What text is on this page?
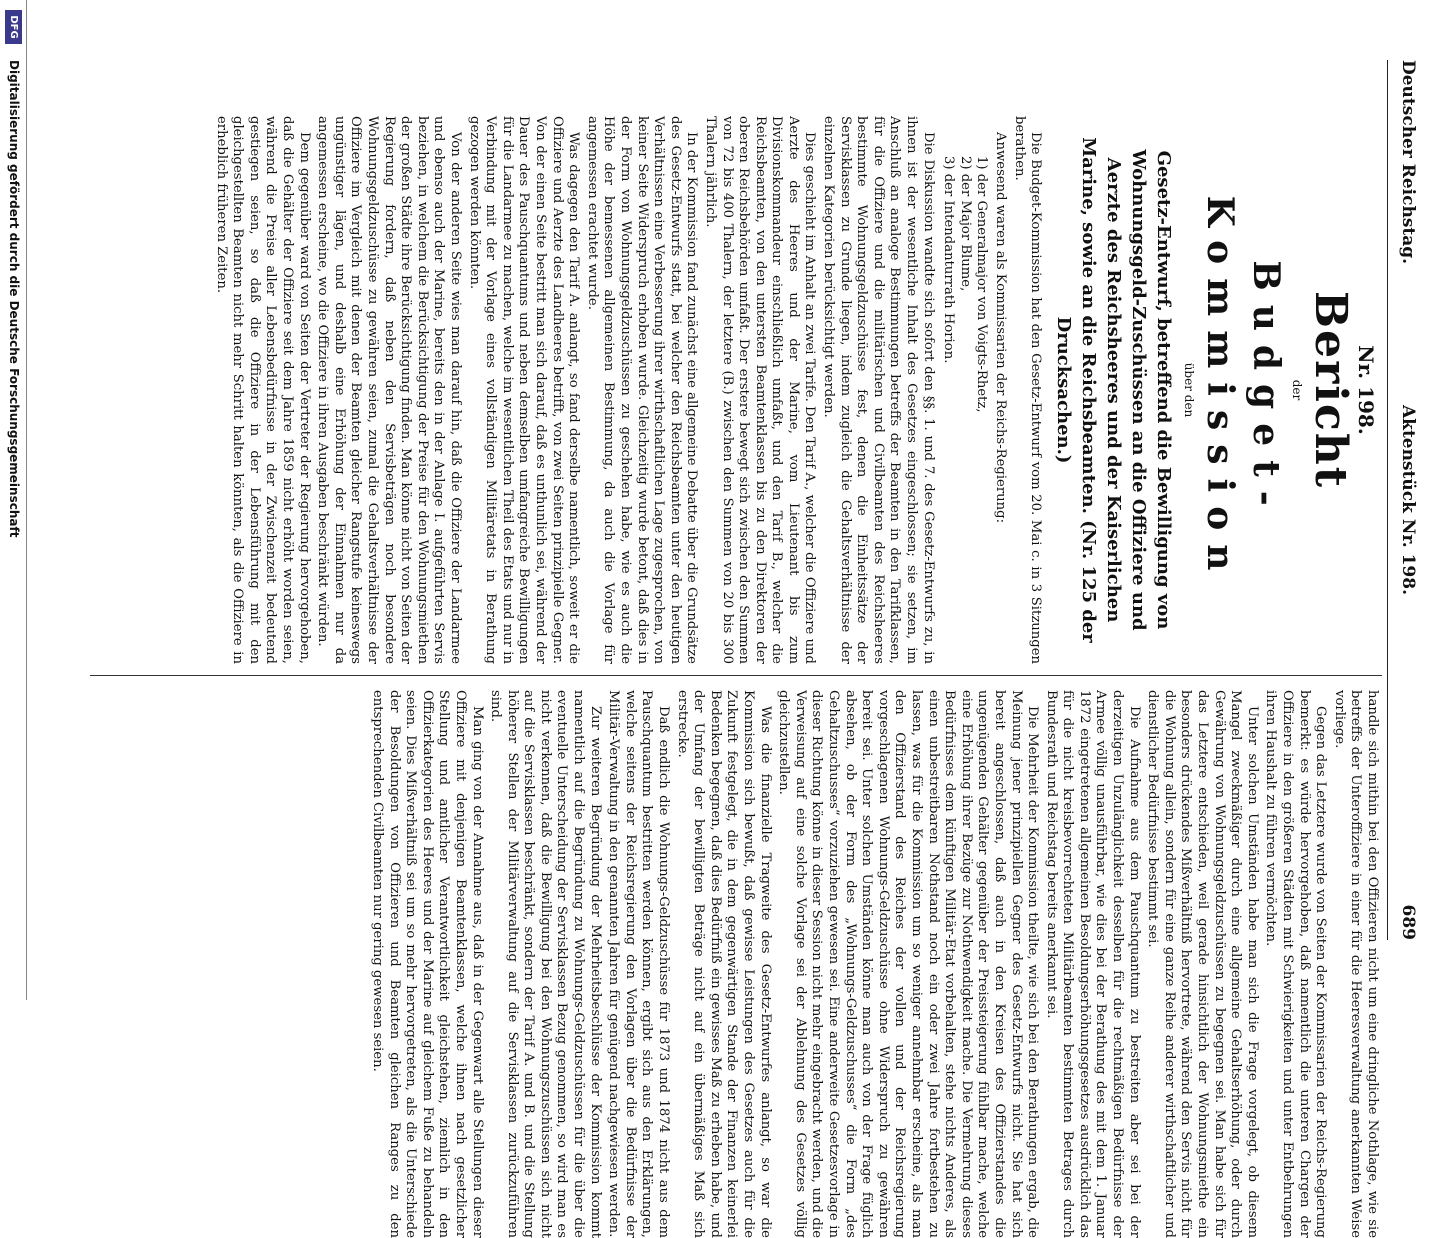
Deutscher Reichstag.
Aktenstück Nr. 198.
689
Nr. 198.
Bericht
der
Budget-Kommission
über den
Gesetz-Entwurf, betreffend die Bewilligung von Wohnungsgeld-Zuschüssen an die Offiziere und Aerzte des Reichsheeres und der Kaiserlichen Marine, sowie an die Reichsbeamten. (Nr. 125 der Drucksachen.)

Die Budget-Kommission hat den Gesetz-Entwurf vom 20. Mai c. in 3 Sitzungen berathen.

Anwesend waren als Kommissarien der Reichs-Regierung:

1) der Generalmajor von Voigts-Rhetz,
2) der Major Blume,
3) der Intendanturrath Horion.

Die Diskussion wandte sich sofort den §§. 1. und 7. des Gesetz-Entwurfs zu, in ihnen ist der wesentliche Inhalt des Gesetzes eingeschlossen; sie setzen, im Anschluß an analoge Bestimmungen betreffs der Beamten in den Tarifklassen, für die Offiziere und die militärischen und Civilbeamten des Reichsheeres bestimmte Wohnungsgeldzuschüsse fest, denen die Einheitssätze der Servisklassen zu Grunde liegen, indem zugleich die Gehaltsverhältnisse der einzelnen Kategorien berücksichtigt werden.

Dies geschieht im Anhalt an zwei Tarife. Den Tarif A., welcher die Offiziere und Aerzte des Heeres und der Marine, vom Lieutenant bis zum Divisionskommandeur einschließlich umfaßt, und den Tarif B., welcher die Reichsbeamten, von den untersten Beamtenklassen bis zu den Direktoren der oberen Reichsbehörden umfaßt. Der erstere bewegt sich zwischen den Summen von 72 bis 400 Thalern, der letztere (B.) zwischen den Summen von 20 bis 300 Thalern jährlich.

In der Kommission fand zunächst eine allgemeine Debatte über die Grundsätze des Gesetz-Entwurfs statt, bei welcher den Reichsbeamten unter den heutigen Verhältnissen eine Verbesserung ihrer wirthschaftlichen Lage zugesprochen, von keiner Seite Widerspruch erhoben wurde. Gleichzeitig wurde betont, daß dies in der Form von Wohnungsgeldzuschüssen zu geschehen habe, wie es auch die Höhe der bemessenen allgemeinen Bestimmung, da auch die Vorlage für angemessen erachtet wurde.

Was dagegen den Tarif A. anlangt, so fand derselbe namentlich, soweit er die Offiziere und Aerzte des Landheeres betrifft, von zwei Seiten prinzipielle Gegner. Von der einen Seite bestritt man sich darauf, daß es unthunlich sei, während der Dauer des Pauschquantums und neben demselben umfangreiche Bewilligungen für die Landarmee zu machen, welche im wesentlichen Theil des Etats und nur in Verbindung mit der Vorlage eines vollständigen Militäretats in Berathung gezogen werden könnten.

Von der anderen Seite wies man darauf hin, daß die Offiziere der Landarmee und ebenso auch der Marine, bereits den in der Anlage I. aufgeführten Servis beziehen, in welchem die Berücksichtigung der Preise für den Wohnungsmiethen der großen Städte ihre Berücksichtigung finden. Man könne nicht von Seiten der Regierung fordern, daß neben den Servisbeträgen noch besondere Wohnungsgeldzuschüsse zu gewähren seien, zumal die Gehaltsverhältnisse der Offiziere im Vergleich mit denen der Beamten gleicher Rangstufe keineswegs ungünstiger lägen, und deshalb eine Erhöhung der Einnahmen nur da angemessen erscheine, wo die Offiziere in ihren Ausgaben beschränkt würden.

Dem gegenüber ward von Seiten der Vertreter der Regierung hervorgehoben, daß die Gehälter der Offiziere seit dem Jahre 1859 nicht erhöht worden seien, während die Preise aller Lebensbedürfnisse in der Zwischenzeit bedeutend gestiegen seien, so daß die Offiziere in der Lebensführung mit den gleichgestellten Beamten nicht mehr Schritt halten könnten, als die Offiziere in erheblich früheren Zeiten.

handle sich mithin bei den Offizieren nicht um eine dringliche Nothlage, wie sie betreffs der Unteroffiziere in einer für die Heeresverwaltung anerkannten Weise vorliege.

Gegen das Letztere wurde von Seiten der Kommissarien der Reichs-Regierung bemerkt: es würde hervorgehoben, daß namentlich die unteren Chargen der Offiziere in den größeren Städten mit Schwierigkeiten und unter Entbehrungen ihren Haushalt zu führen vermöchten.

Unter solchen Umständen habe man sich die Frage vorgelegt, ob diesem Mangel zweckmäßiger durch eine allgemeine Gehaltserhöhung, oder durch Gewährung von Wohnungsgeldzuschüssen zu begegnen sei. Man habe sich für das Letztere entschieden, weil gerade hinsichtlich der Wohnungsmiethe ein besonders drückendes Mißverhältniß hervortrete, während den Servis nicht für die Wohnung allein, sondern für eine ganze Reihe anderer wirthschaftlicher und dienstlicher Bedürfnisse bestimmt sei.

Die Aufnahme aus dem Pauschquantum zu bestreiten aber sei bei der derzeitigen Unzulänglichkeit desselben für die rechtmäßigen Bedürfnisse der Armee völlig unausführbar, wie dies bei der Berathung des mit dem 1. Januar 1872 eingetretenen allgemeinen Besoldungserhöhungsgesetzes ausdrücklich das für die nicht kreisbevorrechteten Militärbeamten bestimmten Betrages durch Bundesrath und Reichstag bereits anerkannt sei.

Die Mehrheit der Kommission theilte, wie sich bei den Berathungen ergab, die Meinung jener prinzipiellen Gegner des Gesetz-Entwurfs nicht. Sie hat sich bereit angeschlossen, daß auch in den Kreisen des Offizierstandes die ungenügenden Gehälter gegenüber der Preissteigerung fühlbar mache, welche eine Erhöhung ihrer Bezüge zur Nothwendigkeit mache. Die Vermehrung dieses Bedürfnisses dem künftigen Militär-Etat vorbehalten, stehe nichts Anderes, als einen unbestreitbaren Nothstand noch ein oder zwei Jahre fortbestehen zu lassen, was für die Kommission um so weniger annehmbar erscheine, als man den Offizierstand des Reiches der vollen und der Reichsregierung vorgeschlagenen Wohnungs-Geldzuschüsse ohne Widerspruch zu gewähren bereit sei. Unter solchen Umständen könne man auch von der Frage füglich absehen, ob der Form des „Wohnungs-Geldzuschusses“ die Form „des Gehaltzuschusses“ vorzuziehen gewesen sei. Eine anderweite Gesetzesvorlage in dieser Richtung könne in dieser Session nicht mehr eingebracht werden, und die Verweisung auf eine solche Vorlage sei der Ablehnung des Gesetzes völlig gleichzustellen.

Was die finanzielle Tragweite des Gesetz-Entwurfes anlangt, so war die Kommission sich bewußt, daß gewisse Leistungen des Gesetzes auch für die Zukunft festgelegt, die in dem gegenwärtigen Stande der Finanzen keinerlei Bedenken begegnen, daß dies Bedürfniß ein gewisses Maß zu erheben habe, und der Umfang der bewilligten Beträge nicht auf ein übermäßiges Maß sich erstrecke.

Daß endlich die Wohnungs-Geldzuschüsse für 1873 und 1874 nicht aus dem Pauschquantum bestritten werden können, ergibt sich aus den Erklärungen, welche seitens der Reichsregierung den Vorlagen über die Bedürfnisse der Militär-Verwaltung in den genannten Jahren für genügend nachgewiesen werden.

Zur weiteren Begründung der Mehrheitsbeschlüsse der Kommission kommt namentlich auf die Begründung zu Wohnungs-Geldzuschüssen für die über die eventuelle Unterscheidung der Servisklassen Bezug genommen, so wird man es nicht verkennen, daß die Bewilligung bei den Wohnungszuschüssen sich nicht auf die Servisklassen beschränkt, sondern der Tarif A. und B. und die Stellung höherer Stellen der Militärverwaltung auf die Servisklassen zurückzuführen sind.

Man ging von der Annahme aus, daß in der Gegenwart alle Stellungen dieser Offiziere mit denjenigen Beamtenklassen, welche ihnen nach gesetzlicher Stellung und amtlicher Verantwortlichkeit gleichstehen, ziemlich in den Offizierkategorien des Heeres und der Marine auf gleichem Fuße zu behandeln seien. Dies Mißverhältniß sei um so mehr hervorgetreten, als die Unterschiede der Besoldungen von Offizieren und Beamten gleichen Ranges zu den entsprechenden Civilbeamten nur gering gewesen seien.

DFG
Digitalisierung gefördert durch die Deutsche Forschungsgemeinschaft
